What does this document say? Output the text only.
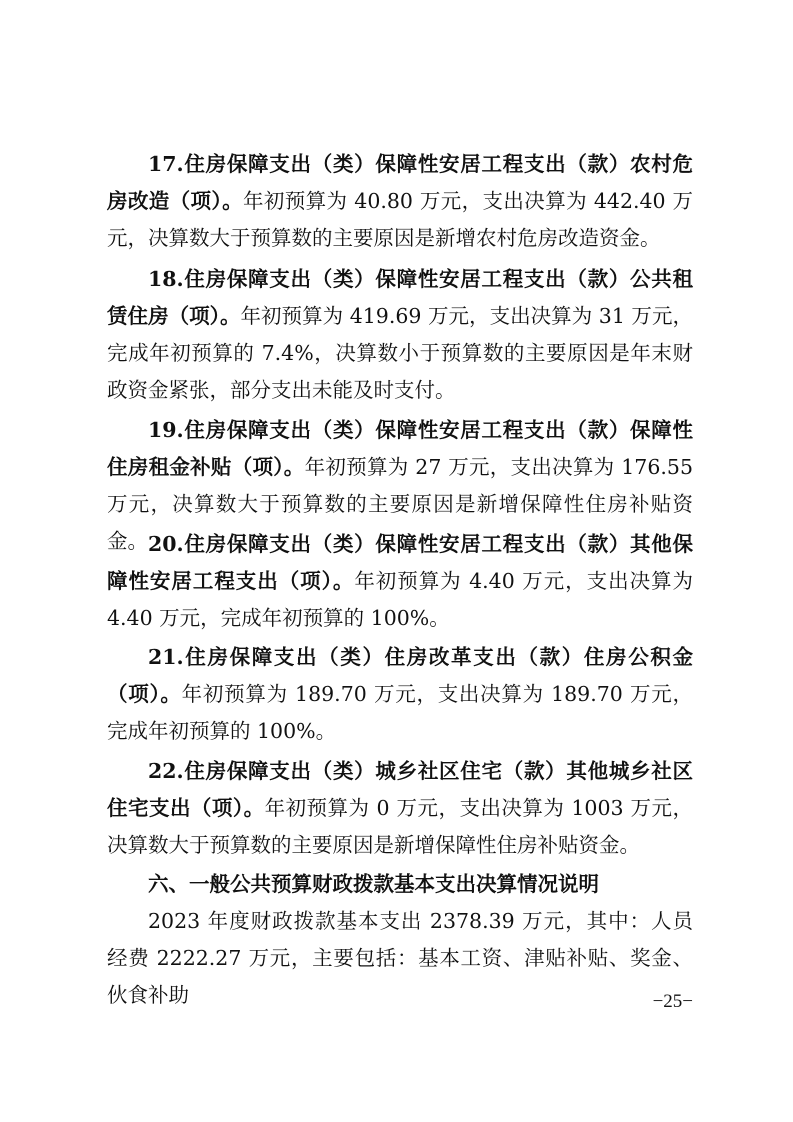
17.住房保障支出（类）保障性安居工程支出（款）农村危房改造（项）。年初预算为 40.80 万元，支出决算为 442.40 万元，决算数大于预算数的主要原因是新增农村危房改造资金。

18.住房保障支出（类）保障性安居工程支出（款）公共租赁住房（项）。年初预算为 419.69 万元，支出决算为 31 万元，完成年初预算的 7.4%，决算数小于预算数的主要原因是年末财政资金紧张，部分支出未能及时支付。

19.住房保障支出（类）保障性安居工程支出（款）保障性住房租金补贴（项）。年初预算为 27 万元，支出决算为 176.55 万元，决算数大于预算数的主要原因是新增保障性住房补贴资金。 20.住房保障支出（类）保障性安居工程支出（款）其他保障性安居工程支出（项）。年初预算为 4.40 万元，支出决算为 4.40 万元，完成年初预算的 100%。

21.住房保障支出（类）住房改革支出（款）住房公积金（项）。年初预算为 189.70 万元，支出决算为 189.70 万元，完成年初预算的 100%。

22.住房保障支出（类）城乡社区住宅（款）其他城乡社区住宅支出（项）。年初预算为 0 万元，支出决算为 1003 万元，决算数大于预算数的主要原因是新增保障性住房补贴资金。

六、一般公共预算财政拨款基本支出决算情况说明

2023 年度财政拨款基本支出 2378.39 万元，其中：人员经费 2222.27 万元，主要包括：基本工资、津贴补贴、奖金、伙食补助	−25−
